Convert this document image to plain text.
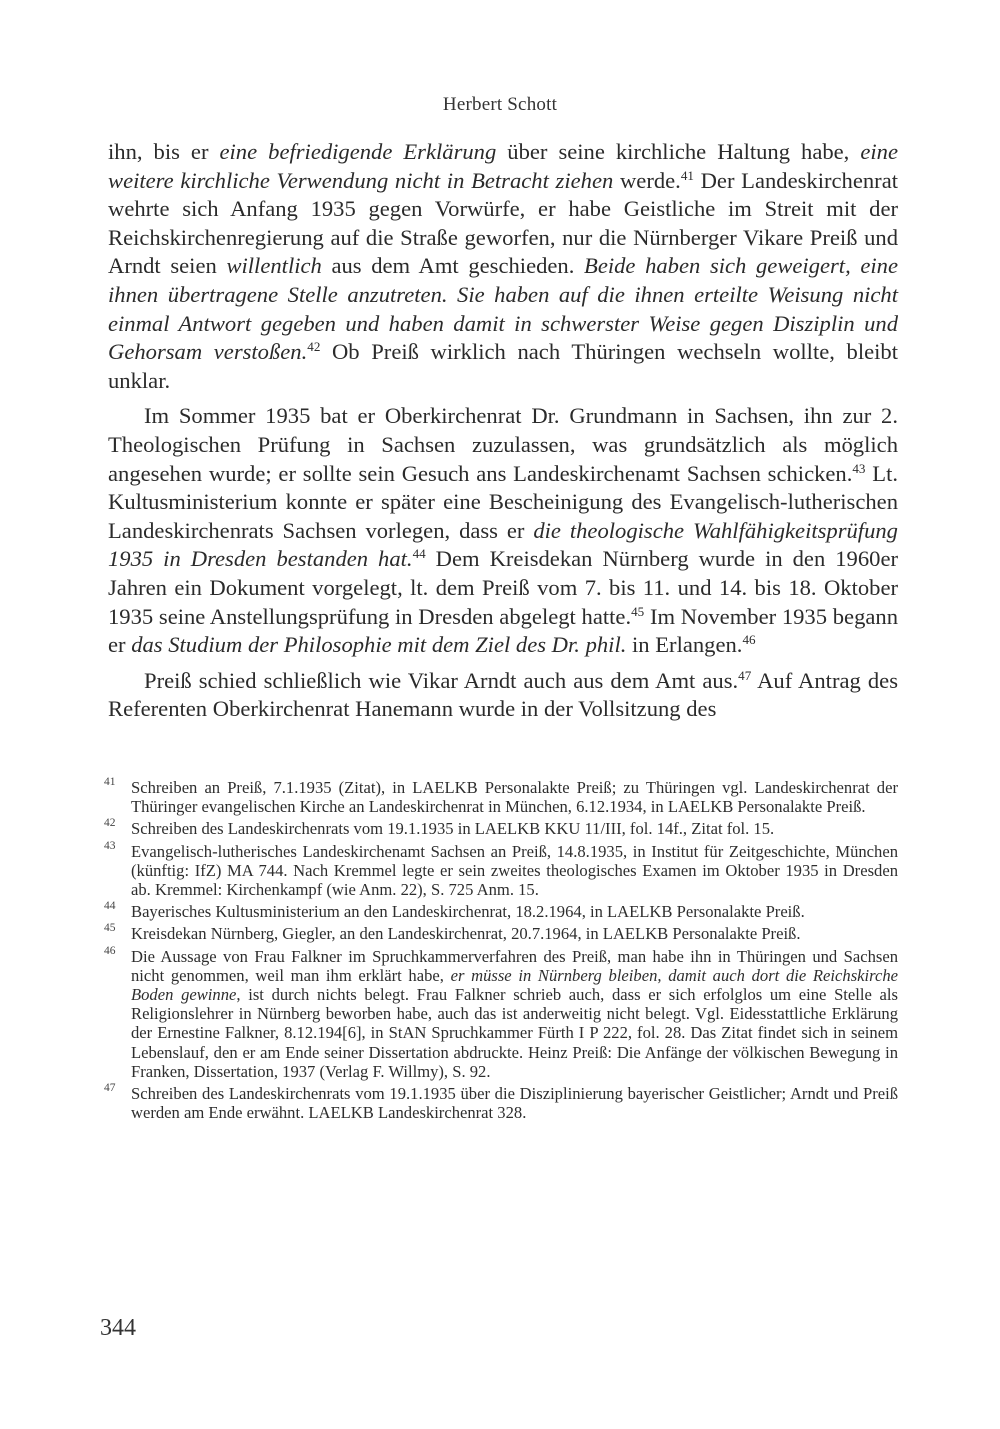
Herbert Schott

ihn, bis er eine befriedigende Erklärung über seine kirchliche Haltung habe, eine weitere kirchliche Verwendung nicht in Betracht ziehen werde.$^{41}$ Der Landeskirchenrat wehrte sich Anfang 1935 gegen Vorwürfe, er habe Geistliche im Streit mit der Reichskirchenregierung auf die Straße geworfen, nur die Nürnberger Vikare Preiß und Arndt seien willentlich aus dem Amt geschieden. Beide haben sich geweigert, eine ihnen übertragene Stelle anzutreten. Sie haben auf die ihnen erteilte Weisung nicht einmal Antwort gegeben und haben damit in schwerster Weise gegen Disziplin und Gehorsam verstoßen.$^{42}$ Ob Preiß wirklich nach Thüringen wechseln wollte, bleibt unklar.

Im Sommer 1935 bat er Oberkirchenrat Dr. Grundmann in Sachsen, ihn zur 2. Theologischen Prüfung in Sachsen zuzulassen, was grundsätzlich als möglich angesehen wurde; er sollte sein Gesuch ans Landeskirchenamt Sachsen schicken.$^{43}$ Lt. Kultusministerium konnte er später eine Bescheinigung des Evangelisch-lutherischen Landeskirchenrats Sachsen vorlegen, dass er die theologische Wahlfähigkeitsprüfung 1935 in Dresden bestanden hat.$^{44}$ Dem Kreisdekan Nürnberg wurde in den 1960er Jahren ein Dokument vorgelegt, lt. dem Preiß vom 7. bis 11. und 14. bis 18. Oktober 1935 seine Anstellungsprüfung in Dresden abgelegt hatte.$^{45}$ Im November 1935 begann er das Studium der Philosophie mit dem Ziel des Dr. phil. in Erlangen.$^{46}$

Preiß schied schließlich wie Vikar Arndt auch aus dem Amt aus.$^{47}$ Auf Antrag des Referenten Oberkirchenrat Hanemann wurde in der Vollsitzung des

41 Schreiben an Preiß, 7.1.1935 (Zitat), in LAELKB Personalakte Preiß; zu Thüringen vgl. Landeskirchenrat der Thüringer evangelischen Kirche an Landeskirchenrat in München, 6.12.1934, in LAELKB Personalakte Preiß.
42 Schreiben des Landeskirchenrats vom 19.1.1935 in LAELKB KKU 11/III, fol. 14f., Zitat fol. 15.
43 Evangelisch-lutherisches Landeskirchenamt Sachsen an Preiß, 14.8.1935, in Institut für Zeitgeschichte, München (künftig: IfZ) MA 744. Nach Kremmel legte er sein zweites theologisches Examen im Oktober 1935 in Dresden ab. Kremmel: Kirchenkampf (wie Anm. 22), S. 725 Anm. 15.
44 Bayerisches Kultusministerium an den Landeskirchenrat, 18.2.1964, in LAELKB Personalakte Preiß.
45 Kreisdekan Nürnberg, Giegler, an den Landeskirchenrat, 20.7.1964, in LAELKB Personalakte Preiß.
46 Die Aussage von Frau Falkner im Spruchkammerverfahren des Preiß, man habe ihn in Thüringen und Sachsen nicht genommen, weil man ihm erklärt habe, er müsse in Nürnberg bleiben, damit auch dort die Reichskirche Boden gewinne, ist durch nichts belegt. Frau Falkner schrieb auch, dass er sich erfolglos um eine Stelle als Religionslehrer in Nürnberg beworben habe, auch das ist anderweitig nicht belegt. Vgl. Eidesstattliche Erklärung der Ernestine Falkner, 8.12.194[6], in StAN Spruchkammer Fürth I P 222, fol. 28. Das Zitat findet sich in seinem Lebenslauf, den er am Ende seiner Dissertation abdruckte. Heinz Preiß: Die Anfänge der völkischen Bewegung in Franken, Dissertation, 1937 (Verlag F. Willmy), S. 92.
47 Schreiben des Landeskirchenrats vom 19.1.1935 über die Disziplinierung bayerischer Geistlicher; Arndt und Preiß werden am Ende erwähnt. LAELKB Landeskirchenrat 328.
344
